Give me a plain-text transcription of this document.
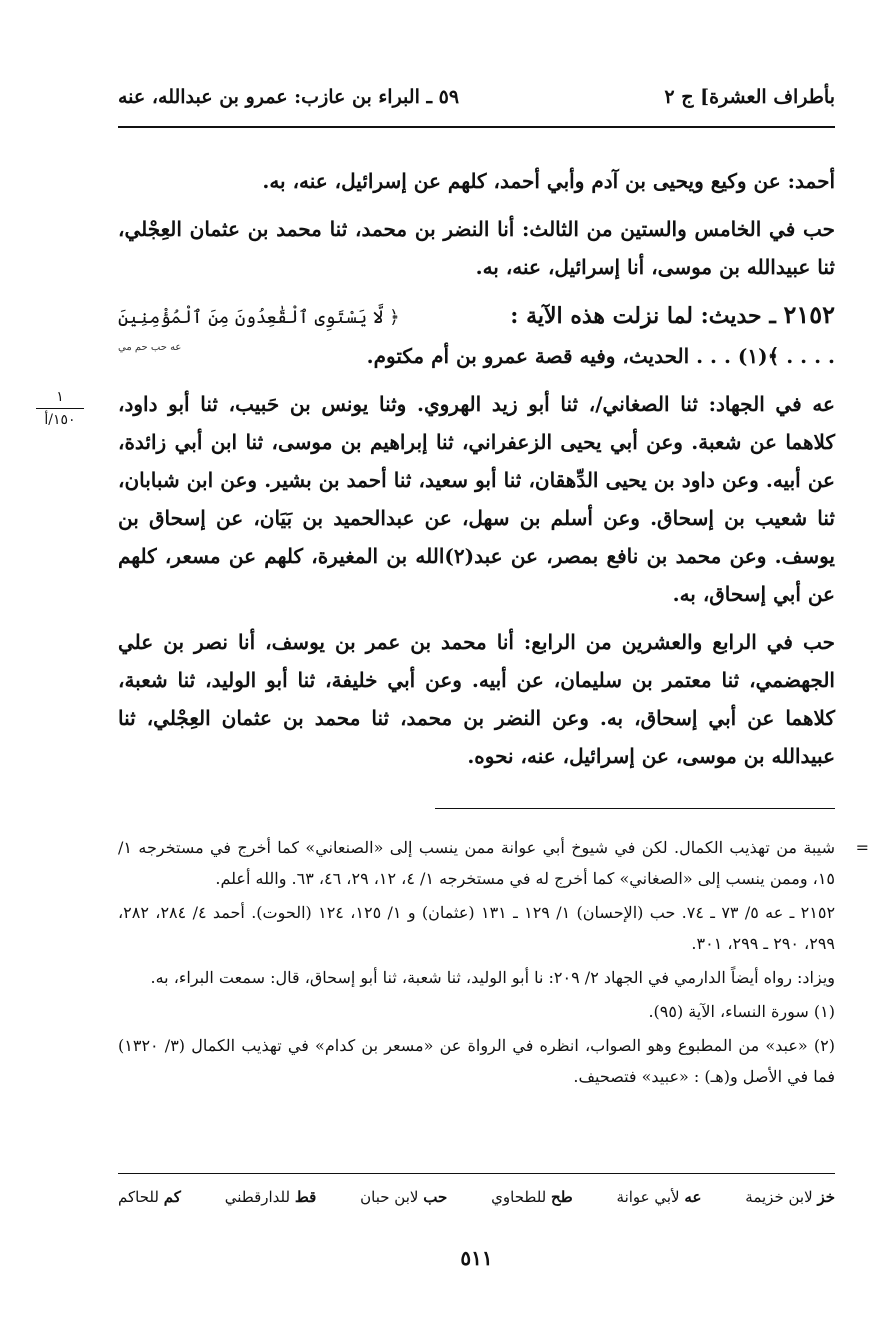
بأطراف العشرة] ج ٢
٥٩ ـ البراء بن عازب: عمرو بن عبدالله، عنه

أحمد: عن وكيع ويحيى بن آدم وأبي أحمد، كلهم عن إسرائيل، عنه، به.

حب في الخامس والستين من الثالث: أنا النضر بن محمد، ثنا محمد بن عثمان العِجْلي، ثنا عبيدالله بن موسى، أنا إسرائيل، عنه، به.

٢١٥٢ ـ حديث: لما نزلت هذه الآية :
﴿ لَّا يَسْتَوِى ٱلْقَٰعِدُونَ مِنَ ٱلْمُؤْمِنِينَ
عه حب حم مي	. . . . ﴾(١) . . . الحديث، وفيه قصة عمرو بن أم مكتوم.

عه في الجهاد: ثنا الصغاني/، ثنا أبو زيد الهروي. وثنا يونس بن حَبيب، ثنا أبو داود، كلاهما عن شعبة. وعن أبي يحيى الزعفراني، ثنا إبراهيم بن موسى، ثنا ابن أبي زائدة، عن أبيه. وعن داود بن يحيى الدِّهقان، ثنا أبو سعيد، ثنا أحمد بن بشير. وعن ابن شبابان، ثنا شعيب بن إسحاق. وعن أسلم بن سهل، عن عبدالحميد بن بَيَان، عن إسحاق بن يوسف. وعن محمد بن نافع بمصر، عن عبد(٢)الله بن المغيرة، كلهم عن مسعر، كلهم عن أبي إسحاق، به.

حب في الرابع والعشرين من الرابع: أنا محمد بن عمر بن يوسف، أنا نصر بن علي الجهضمي، ثنا معتمر بن سليمان، عن أبيه. وعن أبي خليفة، ثنا أبو الوليد، ثنا شعبة، كلاهما عن أبي إسحاق، به. وعن النضر بن محمد، ثنا محمد بن عثمان العِجْلي، ثنا عبيدالله بن موسى، عن إسرائيل، عنه، نحوه.

=

شيبة من تهذيب الكمال. لكن في شيوخ أبي عوانة ممن ينسب إلى «الصنعاني» كما أخرج في مستخرجه ١/ ١٥، وممن ينسب إلى «الصغاني» كما أخرج له في مستخرجه ١/ ٤، ١٢، ٢٩، ٤٦، ٦٣. والله أعلم.

٢١٥٢ ـ عه ٥/ ٧٣ ـ ٧٤. حب (الإحسان) ١/ ١٢٩ ـ ١٣١ (عثمان) و ١/ ١٢٥، ١٢٤ (الحوت). أحمد ٤/ ٢٨٤، ٢٨٢، ٢٩٩، ٢٩٠ ـ ٢٩٩، ٣٠١.

ويزاد: رواه أيضاً الدارمي في الجهاد ٢/ ٢٠٩: نا أبو الوليد، ثنا شعبة، ثنا أبو إسحاق، قال: سمعت البراء، به.

(١) سورة النساء، الآية (٩٥).

(٢) «عبد» من المطبوع وهو الصواب، انظره في الرواة عن «مسعر بن كدام» في تهذيب الكمال (٣/ ١٣٢٠) فما في الأصل و(هـ) : «عبيد» فتصحيف.

خز لابن خزيمة
عه لأبي عوانة
طح للطحاوي
حب لابن حبان
قط للدارقطني
كم للحاكم
٥١١
١
١٥٠/أ
